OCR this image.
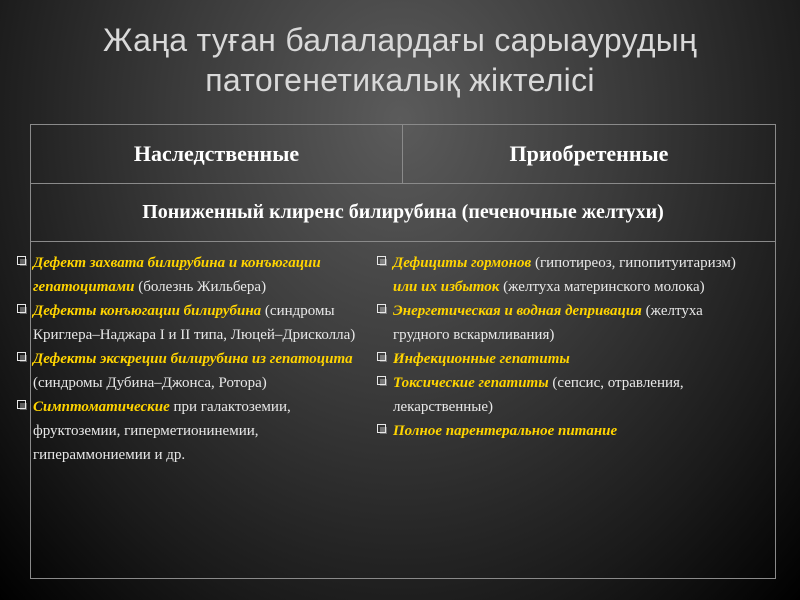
Жаңа туған балалардағы сарыаурудың
патогенетикалық жіктелісі
Наследственные	Приобретенные
Пониженный клиренс билирубина (печеночные желтухи)
Дефект захвата билирубина и конъюгации гепатоцитами (болезнь Жильбера)
Дефекты конъюгации билирубина (синдромы Криглера–Наджара I и II типа, Люцей–Дрисколла)
Дефекты экскреции билирубина из гепатоцита (синдромы Дубина–Джонса, Ротора)
Симптоматические при галактоземии, фруктоземии, гиперметионинемии, гипераммониемии и др.
Дефициты гормонов (гипотиреоз, гипопитуитаризм) или их избыток (желтуха материнского молока)
Энергетическая и водная депривация (желтуха грудного вскармливания)
Инфекционные гепатиты
Токсические гепатиты (сепсис, отравления, лекарственные)
Полное парентеральное питание
